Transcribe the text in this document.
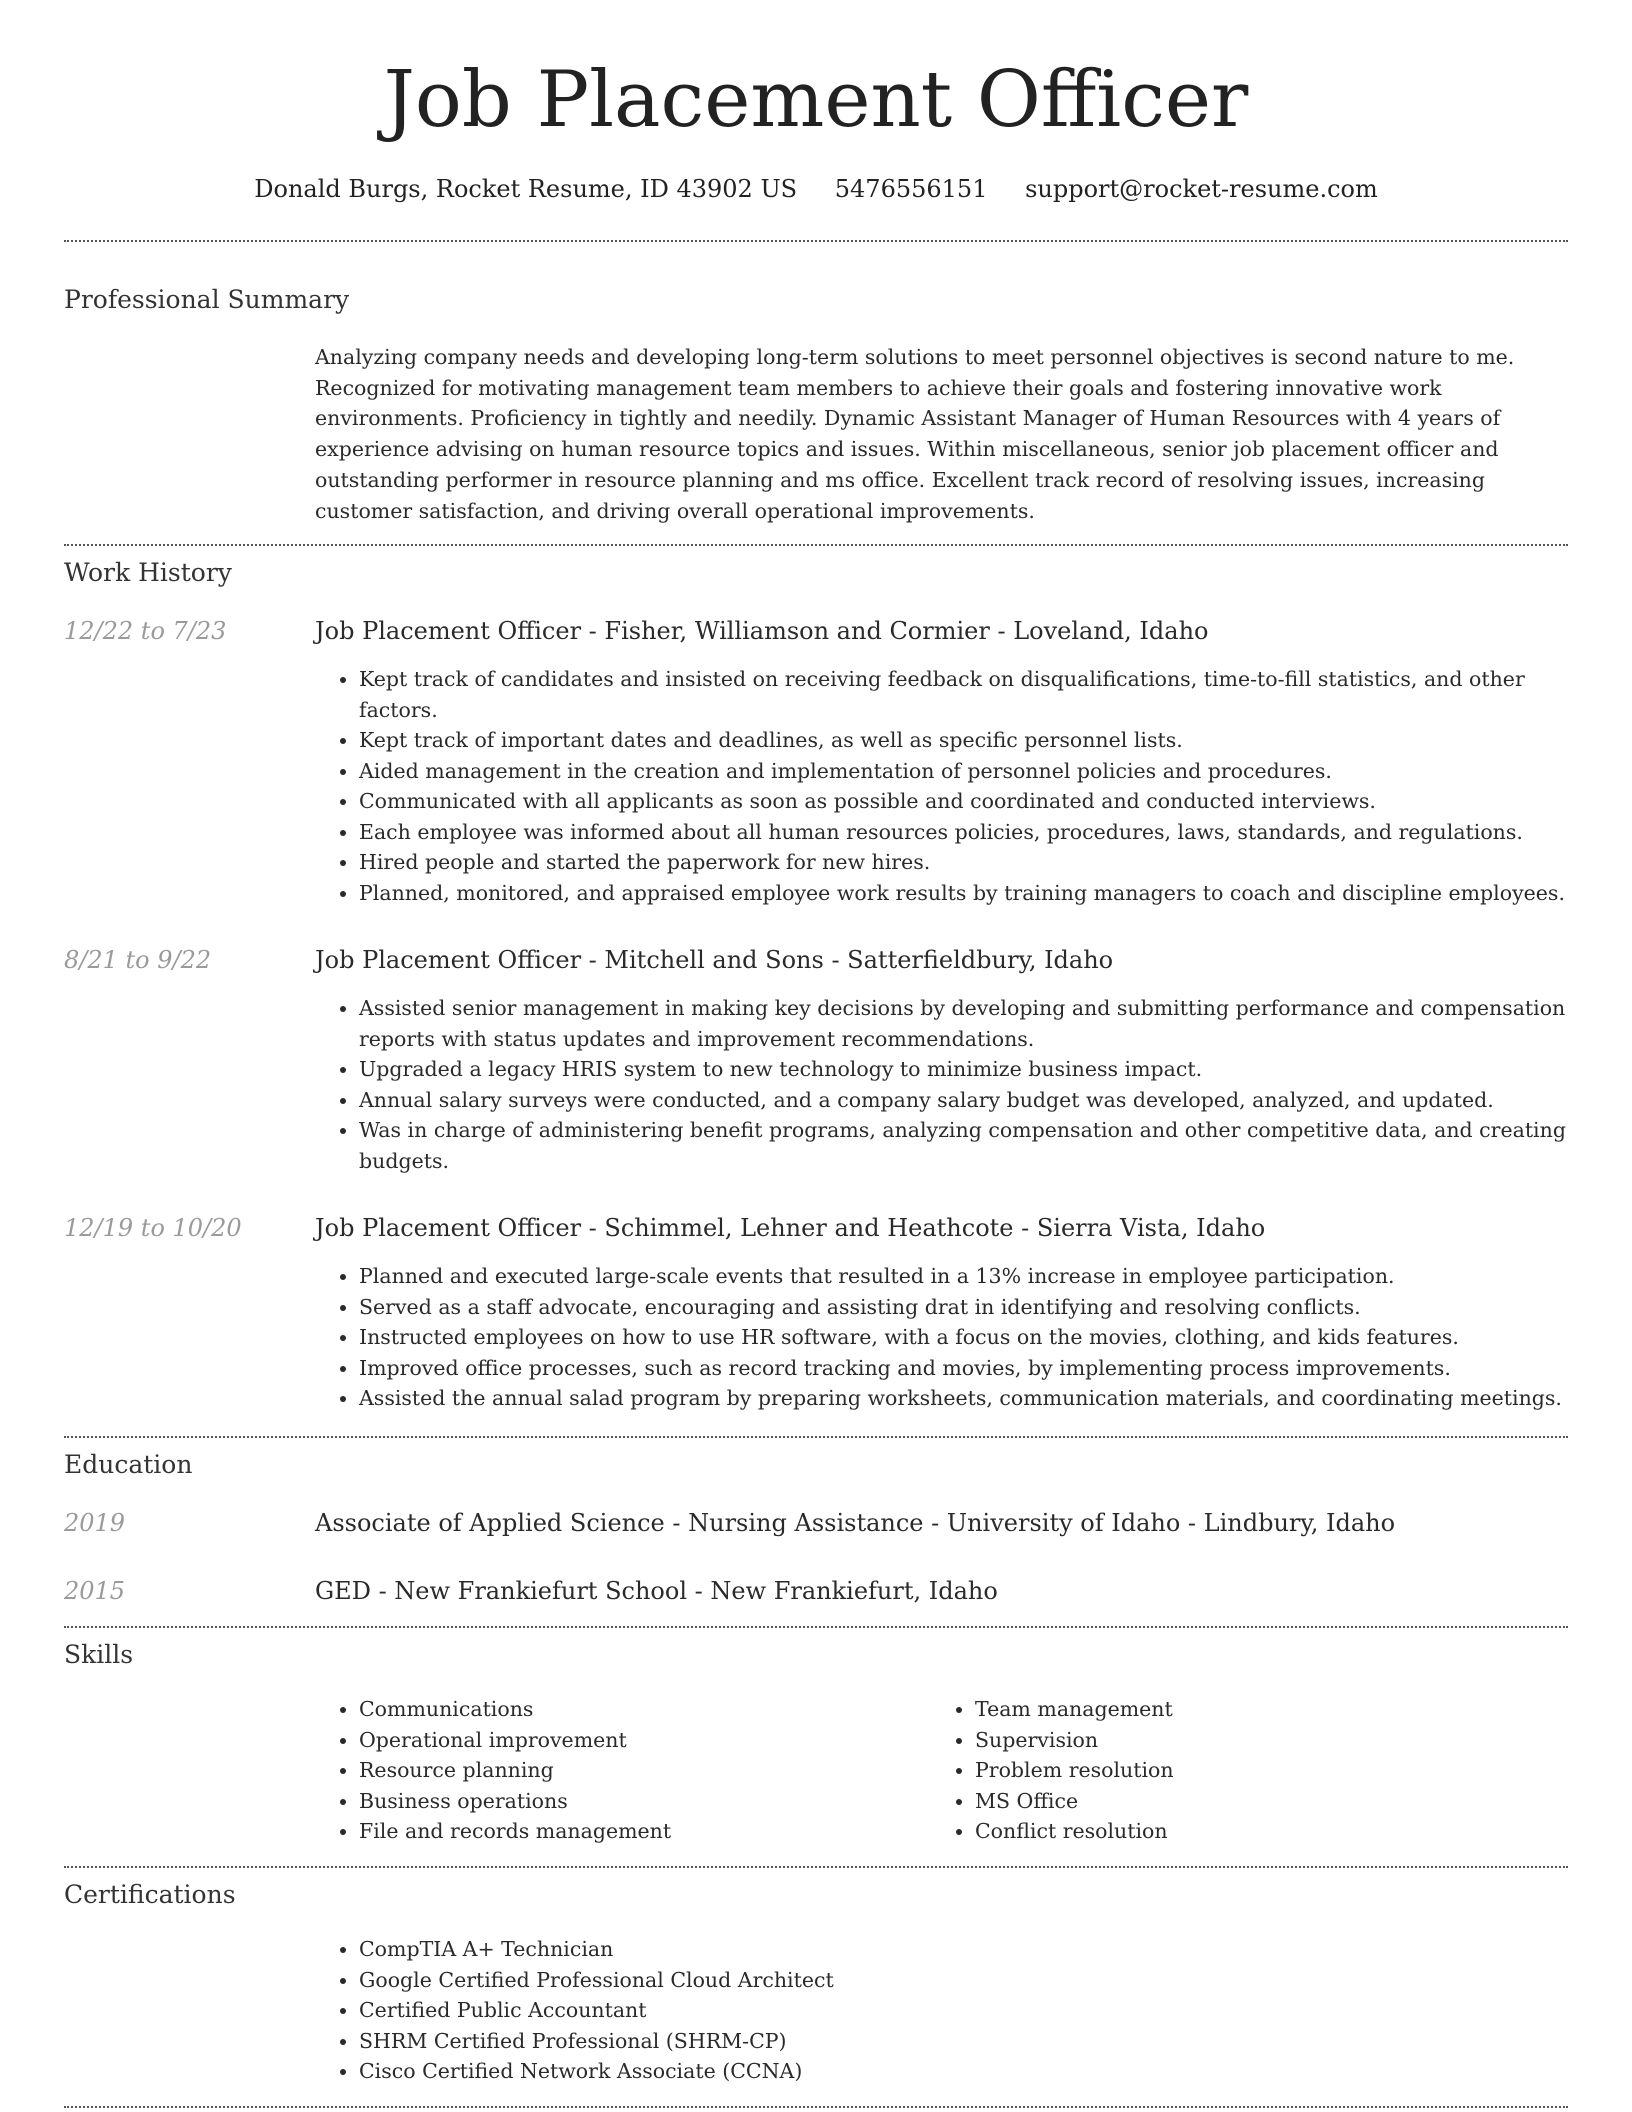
Job Placement Officer
Donald Burgs, Rocket Resume, ID 43902 US 5476556151 support@rocket-resume.com
Professional Summary

Analyzing company needs and developing long-term solutions to meet personnel objectives is second nature to me. Recognized for motivating management team members to achieve their goals and fostering innovative work environments. Proficiency in tightly and needily. Dynamic Assistant Manager of Human Resources with 4 years of experience advising on human resource topics and issues. Within miscellaneous, senior job placement officer and outstanding performer in resource planning and ms office. Excellent track record of resolving issues, increasing customer satisfaction, and driving overall operational improvements.

Work History
12/22 to 7/23	Job Placement Officer - Fisher, Williamson and Cormier - Loveland, Idaho
• Kept track of candidates and insisted on receiving feedback on disqualifications, time-to-fill statistics, and other factors.
• Kept track of important dates and deadlines, as well as specific personnel lists.
• Aided management in the creation and implementation of personnel policies and procedures.
• Communicated with all applicants as soon as possible and coordinated and conducted interviews.
• Each employee was informed about all human resources policies, procedures, laws, standards, and regulations.
• Hired people and started the paperwork for new hires.
• Planned, monitored, and appraised employee work results by training managers to coach and discipline employees.
8/21 to 9/22	Job Placement Officer - Mitchell and Sons - Satterfieldbury, Idaho
• Assisted senior management in making key decisions by developing and submitting performance and compensation reports with status updates and improvement recommendations.
• Upgraded a legacy HRIS system to new technology to minimize business impact.
• Annual salary surveys were conducted, and a company salary budget was developed, analyzed, and updated.
• Was in charge of administering benefit programs, analyzing compensation and other competitive data, and creating budgets.
12/19 to 10/20	Job Placement Officer - Schimmel, Lehner and Heathcote - Sierra Vista, Idaho
• Planned and executed large-scale events that resulted in a 13% increase in employee participation.
• Served as a staff advocate, encouraging and assisting drat in identifying and resolving conflicts.
• Instructed employees on how to use HR software, with a focus on the movies, clothing, and kids features.
• Improved office processes, such as record tracking and movies, by implementing process improvements.
• Assisted the annual salad program by preparing worksheets, communication materials, and coordinating meetings.
Education
2019	Associate of Applied Science - Nursing Assistance - University of Idaho - Lindbury, Idaho
2015	GED - New Frankiefurt School - New Frankiefurt, Idaho
Skills
• Communications
• Operational improvement
• Resource planning
• Business operations
• File and records management
• Team management
• Supervision
• Problem resolution
• MS Office
• Conflict resolution
Certifications
• CompTIA A+ Technician
• Google Certified Professional Cloud Architect
• Certified Public Accountant
• SHRM Certified Professional (SHRM-CP)
• Cisco Certified Network Associate (CCNA)
